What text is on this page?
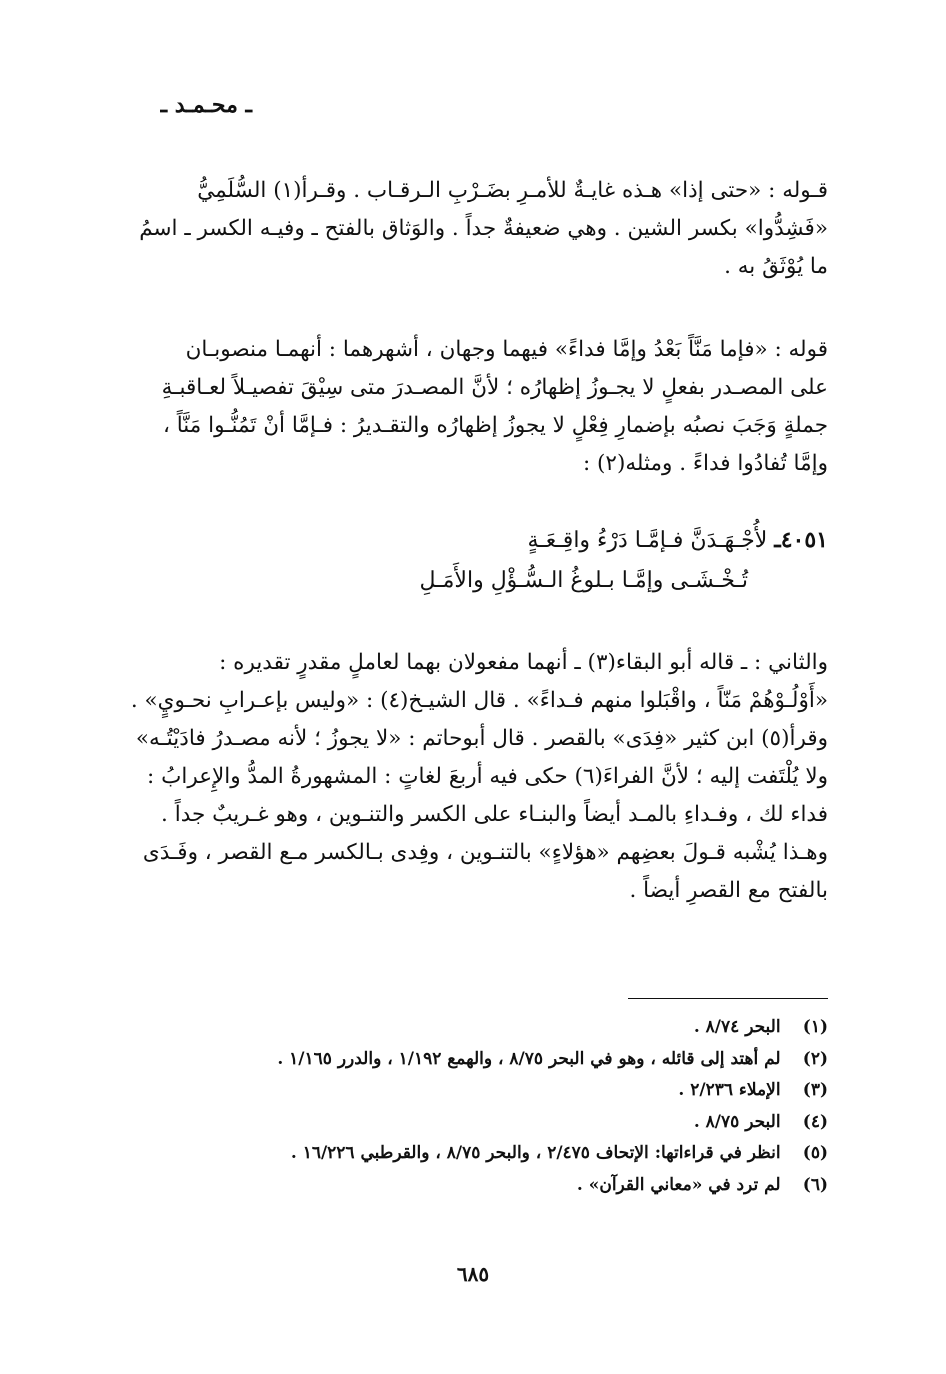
ـ محـمـد ـ
قـوله : «حتى إذا» هـذه غايـةٌ للأمـرِ بضَـرْبِ الـرقـاب . وقـرأ(١) السُّلَمِيُّ
«فَشِدُّوا» بكسر الشين . وهي ضعيفةٌ جداً . والوَثاق بالفتح ـ وفيـه الكسر ـ اسمُ
ما يُوْثَقُ به .
قوله : «فإما مَنَّاً بَعْدُ وإمَّا فداءً» فيهما وجهان ، أشهرهما : أنهمـا منصوبـان
على المصـدر بفعلٍ لا يجـوزُ إظهارُه ؛ لأنَّ المصـدرَ متى سِيْقَ تفصيـلاً لعـاقبـةِ
جملةٍ وَجَبَ نصبُه بإضمارِ فِعْلٍ لا يجوزُ إظهارُه والتقـديرُ : فـإمَّا أنْ تَمُنُّـوا مَنَّاً ،
وإمَّا تُفادُوا فداءً . ومثله(٢) :
٤٠٥١ـ لأُجْـهَـدَنَّ فـإمَّـا دَرْءُ واقِـعَـةٍ
تُـخْـشَـى وإمَّـا بـلوغُ الـسُّـؤْلِ والأَمَـلِ
والثاني : ـ قاله أبو البقاء(٣) ـ أنهما مفعولان بهما لعاملٍ مقدرٍ تقديره :
«أَوْلُـوْهُمْ مَنّاً ، واقْبَلوا منهم فـداءً» . قال الشيـخ(٤) : «وليس بإعـرابِ نحـويٍ» .
وقرأ(٥) ابن كثير «فِدَى» بالقصر . قال أبوحاتم : «لا يجوزُ ؛ لأنه مصـدرُ فادَيْتُـه»
ولا يُلْتَفت إليه ؛ لأنَّ الفراءَ(٦) حكى فيه أربعَ لغاتٍ : المشهورةُ المدُّ والإِعرابُ :
فداء لك ، وفـداءِ بالمـد أيضاً والبنـاء على الكسر والتنـوين ، وهو غـريبٌ جداً .
وهـذا يُشْبه قـولَ بعضِهم «هؤلاءٍ» بالتنـوين ، وفِدى بـالكسر مـع القصر ، وفَـدَى
بالفتح مع القصرِ أيضاً .
(١) البحر ٨/٧٤ .
(٢) لم أهتد إلى قائله ، وهو في البحر ٨/٧٥ ، والهمع ١/١٩٢ ، والدرر ١/١٦٥ .
(٣) الإملاء ٢/٢٣٦ .
(٤) البحر ٨/٧٥ .
(٥) انظر في قراءاتها: الإتحاف ٢/٤٧٥ ، والبحر ٨/٧٥ ، والقرطبي ١٦/٢٢٦ .
(٦) لم ترد في «معاني القرآن» .
٦٨٥
